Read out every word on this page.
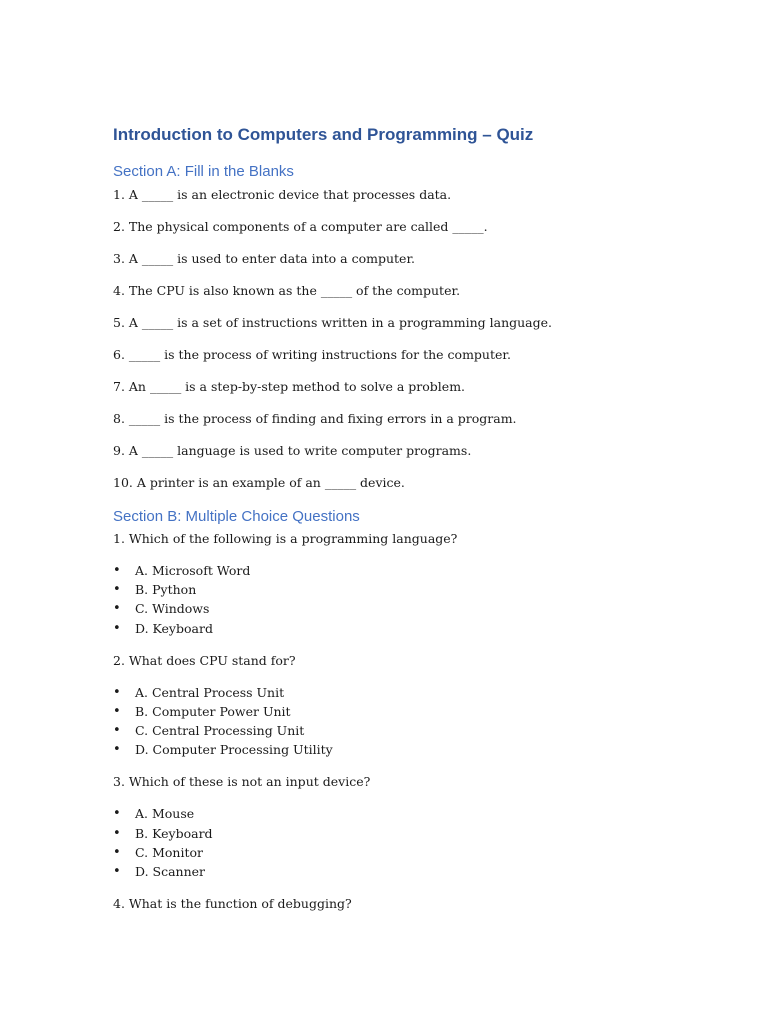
Introduction to Computers and Programming – Quiz
Section A: Fill in the Blanks

1. A _____ is an electronic device that processes data.

2. The physical components of a computer are called _____.

3. A _____ is used to enter data into a computer.

4. The CPU is also known as the _____ of the computer.

5. A _____ is a set of instructions written in a programming language.

6. _____ is the process of writing instructions for the computer.

7. An _____ is a step-by-step method to solve a problem.

8. _____ is the process of finding and fixing errors in a program.

9. A _____ language is used to write computer programs.

10. A printer is an example of an _____ device.

Section B: Multiple Choice Questions

1. Which of the following is a programming language?

• A. Microsoft Word
• B. Python
• C. Windows
• D. Keyboard

2. What does CPU stand for?

• A. Central Process Unit
• B. Computer Power Unit
• C. Central Processing Unit
• D. Computer Processing Utility

3. Which of these is not an input device?

• A. Mouse
• B. Keyboard
• C. Monitor
• D. Scanner

4. What is the function of debugging?
